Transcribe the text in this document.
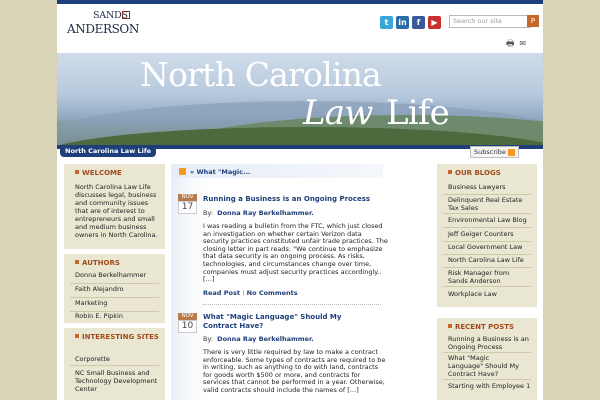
SANDS
ANDERSON	t	in	f	▶	Search our site	P
🖶 ✉
North Carolina
Law Life
North Carolina Law Life	Subscribe
WELCOME
North Carolina Law Life discusses legal, business and community issues that are of interest to entrepreneurs and small and medium business owners in North Carolina.
AUTHORS
Donna Berkelhammer
Faith Alejandro
Marketing
Robin E. Pipkin
INTERESTING SITES
Corporette
NC Small Business and Technology Development Center
« What "Magic...
NOV
17
Running a Business is an Ongoing Process
By: Donna Ray Berkelhammer.
I was reading a bulletin from the FTC, which just closed an investigation on whether certain Verizon data security practices constituted unfair trade practices. The closing letter in part reads: "We continue to emphasize that data security is an ongoing process. As risks, technologies, and circumstances change over time, companies must adjust security practices accordingly.. […]
Read Post | No Comments
NOV
10
What "Magic Language" Should My Contract Have?
By: Donna Ray Berkelhammer.
There is very little required by law to make a contract enforceable. Some types of contracts are required to be in writing, such as anything to do with land, contracts for goods worth $500 or more, and contracts for services that cannot be performed in a year. Otherwise, valid contracts should include the names of […]
OUR BLOGS
Business Lawyers
Delinquent Real Estate Tax Sales
Environmental Law Blog
Jeff Geiger Counters
Local Government Law
North Carolina Law Life
Risk Manager from Sands Anderson
Workplace Law
RECENT POSTS
Running a Business is an Ongoing Process
What "Magic Language" Should My Contract Have?
Starting with Employee 1
